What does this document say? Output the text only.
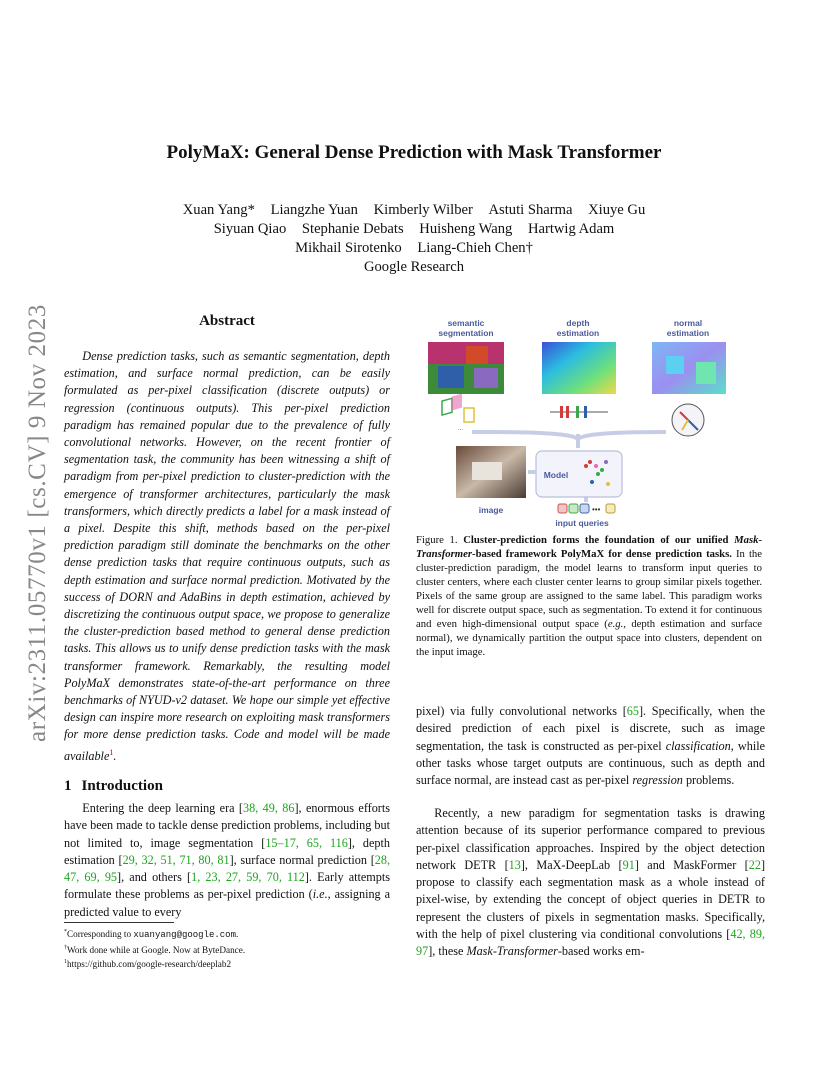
arXiv:2311.05770v1 [cs.CV] 9 Nov 2023
PolyMaX: General Dense Prediction with Mask Transformer
Xuan Yang* Liangzhe Yuan Kimberly Wilber Astuti Sharma Xiuye Gu
Siyuan Qiao Stephanie Debats Huisheng Wang Hartwig Adam
Mikhail Sirotenko Liang-Chieh Chen†
Google Research
Abstract
Dense prediction tasks, such as semantic segmentation, depth estimation, and surface normal prediction, can be easily formulated as per-pixel classification (discrete outputs) or regression (continuous outputs). This per-pixel prediction paradigm has remained popular due to the prevalence of fully convolutional networks. However, on the recent frontier of segmentation task, the community has been witnessing a shift of paradigm from per-pixel prediction to cluster-prediction with the emergence of transformer architectures, particularly the mask transformers, which directly predicts a label for a mask instead of a pixel. Despite this shift, methods based on the per-pixel prediction paradigm still dominate the benchmarks on the other dense prediction tasks that require continuous outputs, such as depth estimation and surface normal prediction. Motivated by the success of DORN and AdaBins in depth estimation, achieved by discretizing the continuous output space, we propose to generalize the cluster-prediction based method to general dense prediction tasks. This allows us to unify dense prediction tasks with the mask transformer framework. Remarkably, the resulting model PolyMaX demonstrates state-of-the-art performance on three benchmarks of NYUD-v2 dataset. We hope our simple yet effective design can inspire more research on exploiting mask transformers for more dense prediction tasks. Code and model will be made available$^1$.
1 Introduction
Entering the deep learning era [38, 49, 86], enormous efforts have been made to tackle dense prediction problems, including but not limited to, image segmentation [15–17, 65, 116], depth estimation [29, 32, 51, 71, 80, 81], surface normal prediction [28, 47, 69, 95], and others [1, 23, 27, 59, 70, 112]. Early attempts formulate these problems as per-pixel prediction (i.e., assigning a predicted value to every
*Corresponding to xuanyang@google.com.
†Work done while at Google. Now at ByteDance.
$^1$https://github.com/google-research/deeplab2
semantic
segmentation
depth
estimation
normal
estimation
...
image
Model
•••
input queries
Figure 1. Cluster-prediction forms the foundation of our unified Mask-Transformer-based framework PolyMaX for dense prediction tasks. In the cluster-prediction paradigm, the model learns to transform input queries to cluster centers, where each cluster center learns to group similar pixels together. Pixels of the same group are assigned to the same label. This paradigm works well for discrete output space, such as segmentation. To extend it for continuous and even high-dimensional output space (e.g., depth estimation and surface normal), we dynamically partition the output space into clusters, dependent on the input image.
pixel) via fully convolutional networks [65]. Specifically, when the desired prediction of each pixel is discrete, such as image segmentation, the task is constructed as per-pixel classification, while other tasks whose target outputs are continuous, such as depth and surface normal, are instead cast as per-pixel regression problems.
Recently, a new paradigm for segmentation tasks is drawing attention because of its superior performance compared to previous per-pixel classification approaches. Inspired by the object detection network DETR [13], MaX-DeepLab [91] and MaskFormer [22] propose to classify each segmentation mask as a whole instead of pixel-wise, by extending the concept of object queries in DETR to represent the clusters of pixels in segmentation masks. Specifically, with the help of pixel clustering via conditional convolutions [42, 89, 97], these Mask-Transformer-based works em-
